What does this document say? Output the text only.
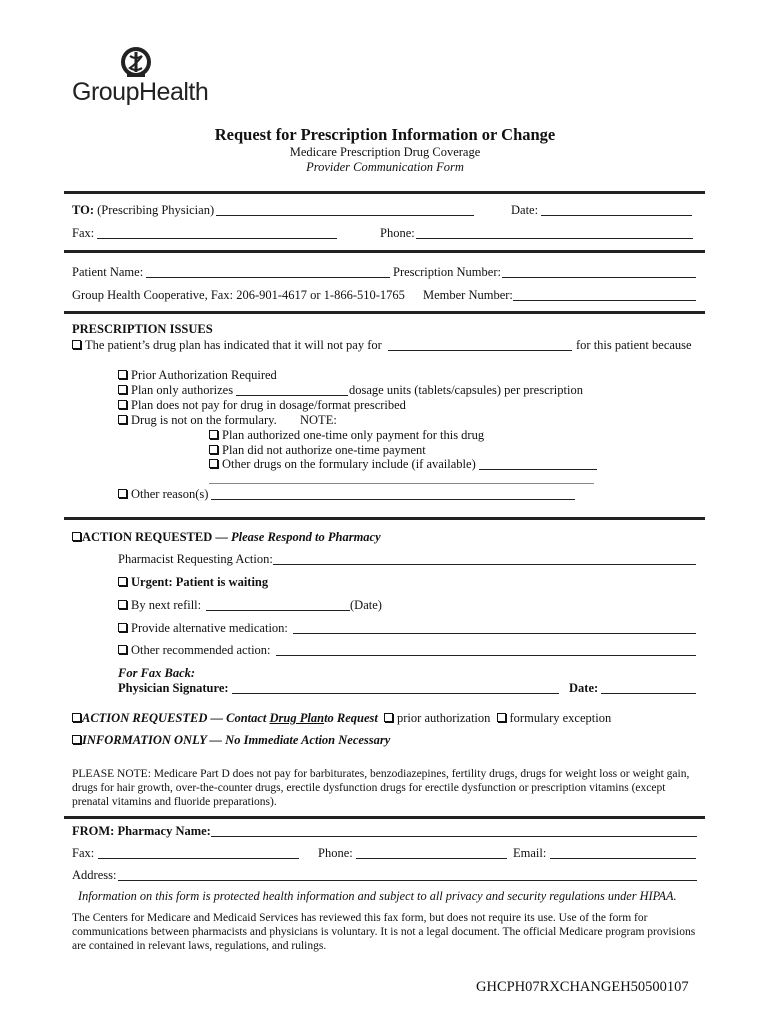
GroupHealth
Request for Prescription Information or Change
Medicare Prescription Drug Coverage
Provider Communication Form
TO: (Prescribing Physician)	Date:
Fax:	Phone:
Patient Name:	Prescription Number:
Group Health Cooperative, Fax: 206-901-4617 or 1-866-510-1765 Member Number:
PRESCRIPTION ISSUES
The patient’s drug plan has indicated that it will not pay for	for this patient because
Prior Authorization Required
Plan only authorizes	dosage units (tablets/capsules) per prescription
Plan does not pay for drug in dosage/format prescribed
Drug is not on the formulary. NOTE:
Plan authorized one-time only payment for this drug
Plan did not authorize one-time payment
Other drugs on the formulary include (if available)
Other reason(s)
ACTION REQUESTED — Please Respond to Pharmacy
Pharmacist Requesting Action:
Urgent: Patient is waiting
By next refill:	(Date)
Provide alternative medication:
Other recommended action:
For Fax Back:
Physician Signature:	Date:
ACTION REQUESTED — Contact Drug Planto Request prior authorization formulary exception
INFORMATION ONLY — No Immediate Action Necessary
PLEASE NOTE: Medicare Part D does not pay for barbiturates, benzodiazepines, fertility drugs, drugs for weight loss or weight gain, drugs for hair growth, over-the-counter drugs, erectile dysfunction drugs for erectile dysfunction or prescription vitamins (except prenatal vitamins and fluoride preparations).
FROM: Pharmacy Name:
Fax:	Phone:	Email:
Address:
Information on this form is protected health information and subject to all privacy and security regulations under HIPAA.
The Centers for Medicare and Medicaid Services has reviewed this fax form, but does not require its use. Use of the form for communications between pharmacists and physicians is voluntary. It is not a legal document. The official Medicare program provisions are contained in relevant laws, regulations, and rulings.
GHCPH07RXCHANGEH50500107
